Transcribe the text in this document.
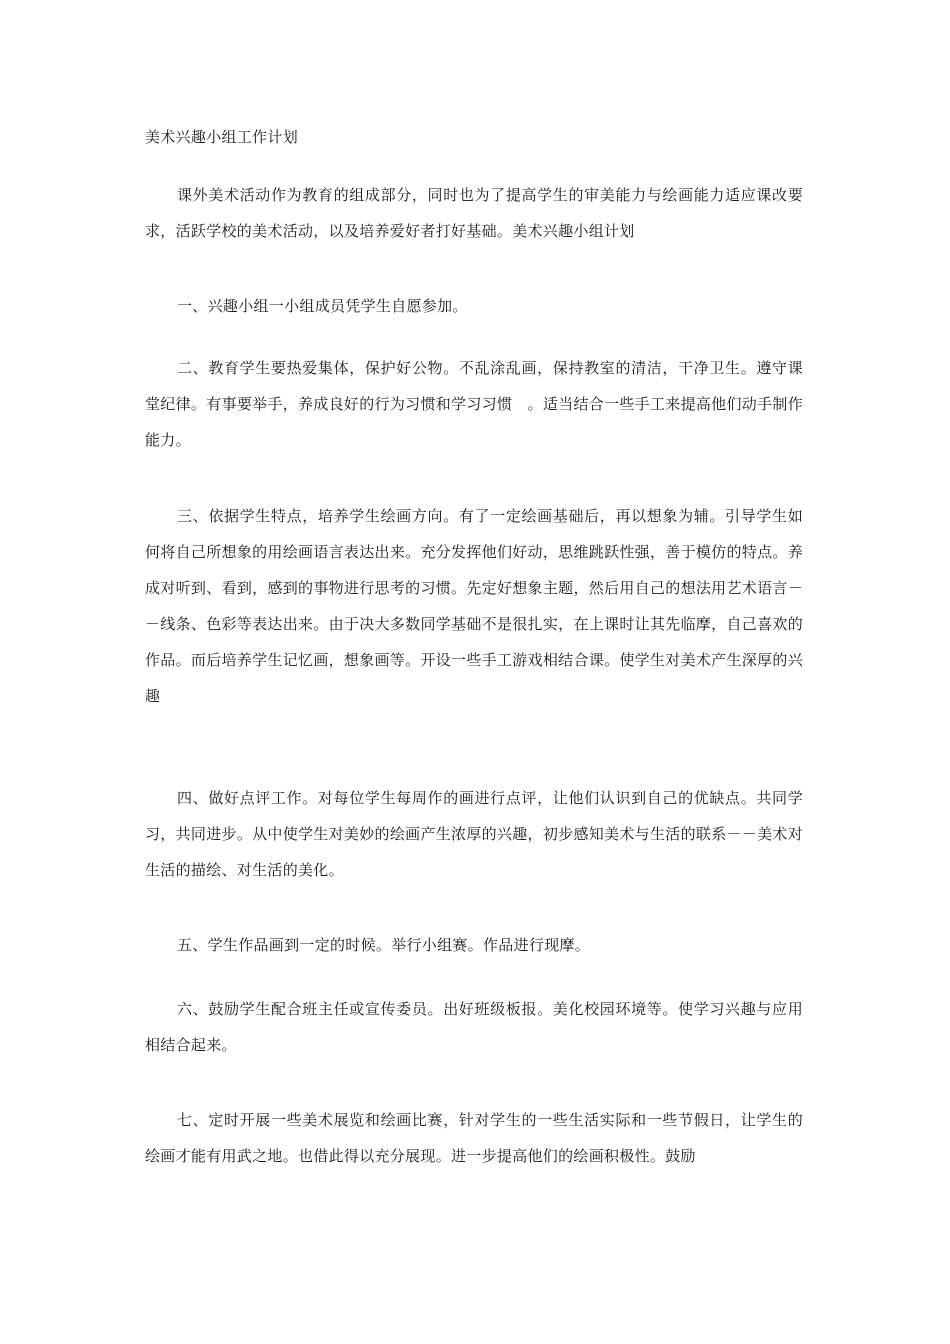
美术兴趣小组工作计划

课外美术活动作为教育的组成部分，同时也为了提高学生的审美能力与绘画能力适应课改要求，活跃学校的美术活动，以及培养爱好者打好基础。美术兴趣小组计划

一、兴趣小组一小组成员凭学生自愿参加。

二、教育学生要热爱集体，保护好公物。不乱涂乱画，保持教室的清洁，干净卫生。遵守课堂纪律。有事要举手，养成良好的行为习惯和学习习惯　。适当结合一些手工来提高他们动手制作能力。

三、依据学生特点，培养学生绘画方向。有了一定绘画基础后，再以想象为辅。引导学生如何将自己所想象的用绘画语言表达出来。充分发挥他们好动，思维跳跃性强，善于模仿的特点。养成对听到、看到，感到的事物进行思考的习惯。先定好想象主题，然后用自己的想法用艺术语言－－线条、色彩等表达出来。由于决大多数同学基础不是很扎实，在上课时让其先临摩，自己喜欢的作品。而后培养学生记忆画，想象画等。开设一些手工游戏相结合课。使学生对美术产生深厚的兴趣

四、做好点评工作。对每位学生每周作的画进行点评，让他们认识到自己的优缺点。共同学习，共同进步。从中使学生对美妙的绘画产生浓厚的兴趣，初步感知美术与生活的联系－－美术对生活的描绘、对生活的美化。

五、学生作品画到一定的时候。举行小组赛。作品进行现摩。

六、鼓励学生配合班主任或宣传委员。出好班级板报。美化校园环境等。使学习兴趣与应用相结合起来。

七、定时开展一些美术展览和绘画比赛，针对学生的一些生活实际和一些节假日，让学生的绘画才能有用武之地。也借此得以充分展现。进一步提高他们的绘画积极性。鼓励
